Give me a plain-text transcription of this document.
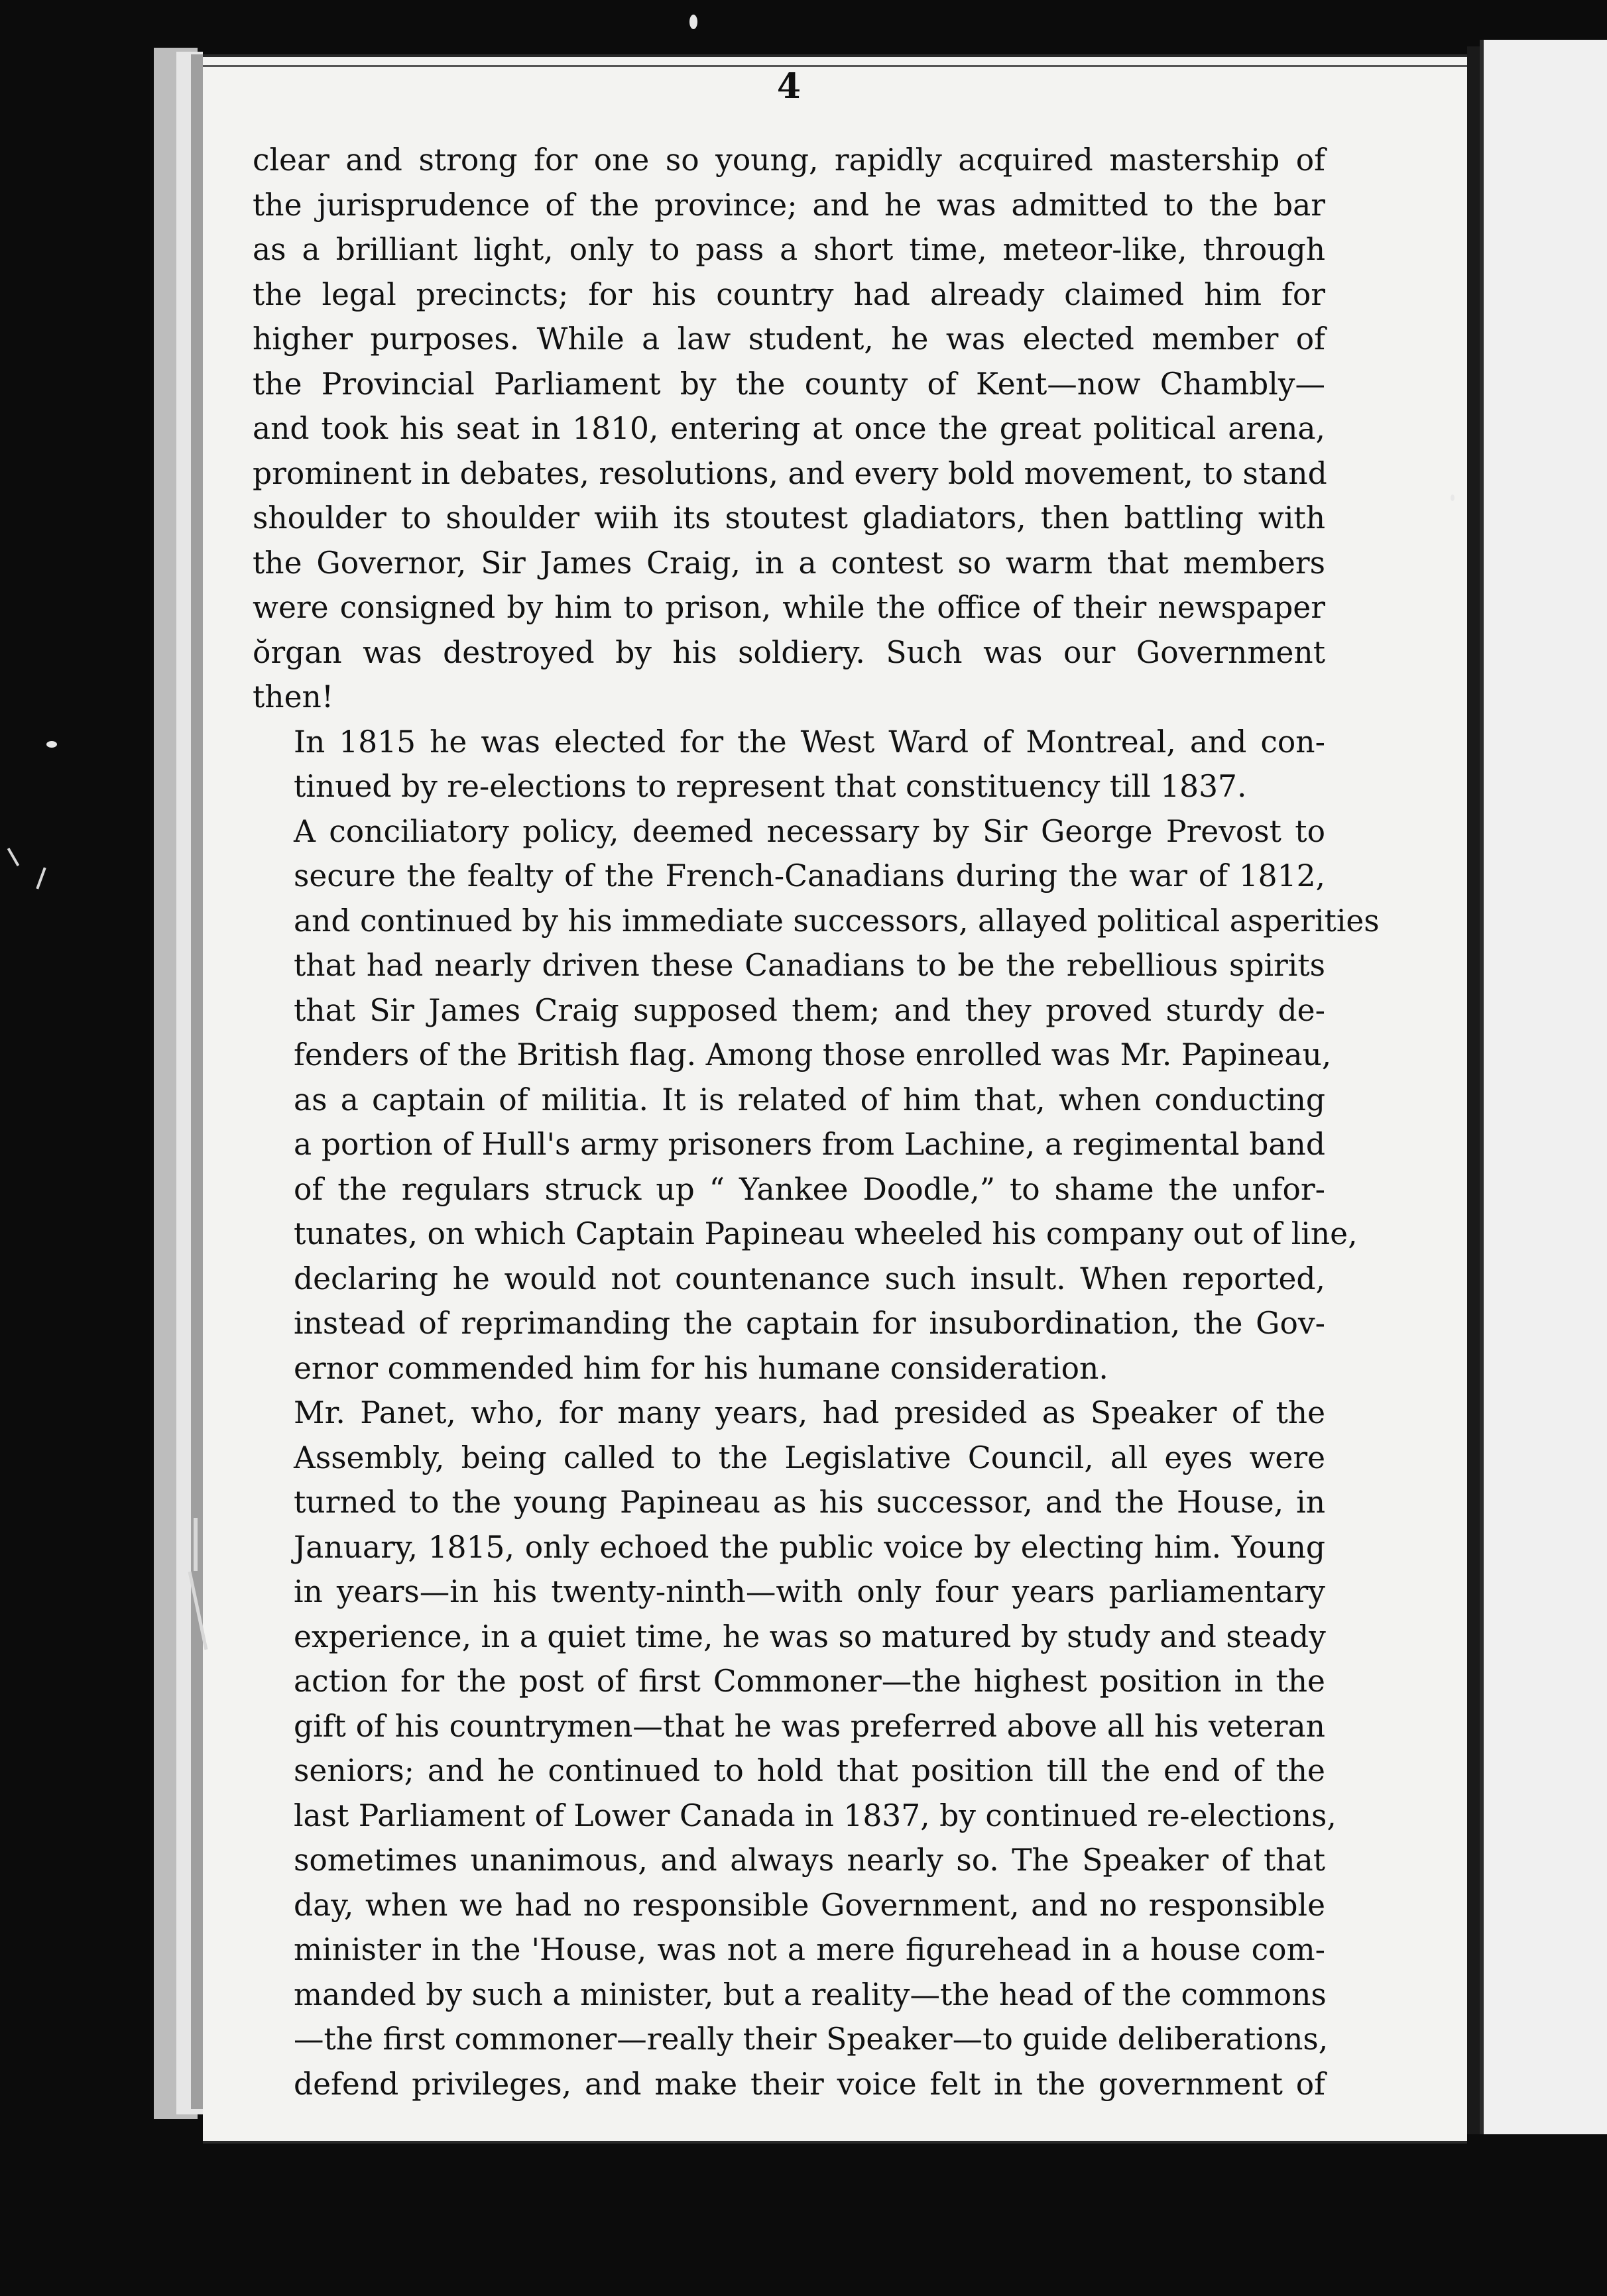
4

clear and strong for one so young, rapidly acquired mastership of
the jurisprudence of the province; and he was admitted to the bar
as a brilliant light, only to pass a short time, meteor-like, through
the legal precincts; for his country had already claimed him for
higher purposes. While a law student, he was elected member of
the Provincial Parliament by the county of Kent—now Chambly—
and took his seat in 1810, entering at once the great political arena,
prominent in debates, resolutions, and every bold movement, to stand
shoulder to shoulder wiih its stoutest gladiators, then battling with
the Governor, Sir James Craig, in a contest so warm that members
were consigned by him to prison, while the office of their newspaper
ŏrgan was destroyed by his soldiery. Such was our Government
then!

In 1815 he was elected for the West Ward of Montreal, and con-
tinued by re-elections to represent that constituency till 1837.

A conciliatory policy, deemed necessary by Sir George Prevost to
secure the fealty of the French-Canadians during the war of 1812,
and continued by his immediate successors, allayed political asperities
that had nearly driven these Canadians to be the rebellious spirits
that Sir James Craig supposed them; and they proved sturdy de-
fenders of the British flag. Among those enrolled was Mr. Papineau,
as a captain of militia. It is related of him that, when conducting
a portion of Hull's army prisoners from Lachine, a regimental band
of the regulars struck up “ Yankee Doodle,” to shame the unfor-
tunates, on which Captain Papineau wheeled his company out of line,
declaring he would not countenance such insult. When reported,
instead of reprimanding the captain for insubordination, the Gov-
ernor commended him for his humane consideration.

Mr. Panet, who, for many years, had presided as Speaker of the
Assembly, being called to the Legislative Council, all eyes were
turned to the young Papineau as his successor, and the House, in
January, 1815, only echoed the public voice by electing him. Young
in years—in his twenty-ninth—with only four years parliamentary
experience, in a quiet time, he was so matured by study and steady
action for the post of first Commoner—the highest position in the
gift of his countrymen—that he was preferred above all his veteran
seniors; and he continued to hold that position till the end of the
last Parliament of Lower Canada in 1837, by continued re-elections,
sometimes unanimous, and always nearly so. The Speaker of that
day, when we had no responsible Government, and no responsible
minister in the 'House, was not a mere figurehead in a house com-
manded by such a minister, but a reality—the head of the commons
—the first commoner—really their Speaker—to guide deliberations,
defend privileges, and make their voice felt in the government of
